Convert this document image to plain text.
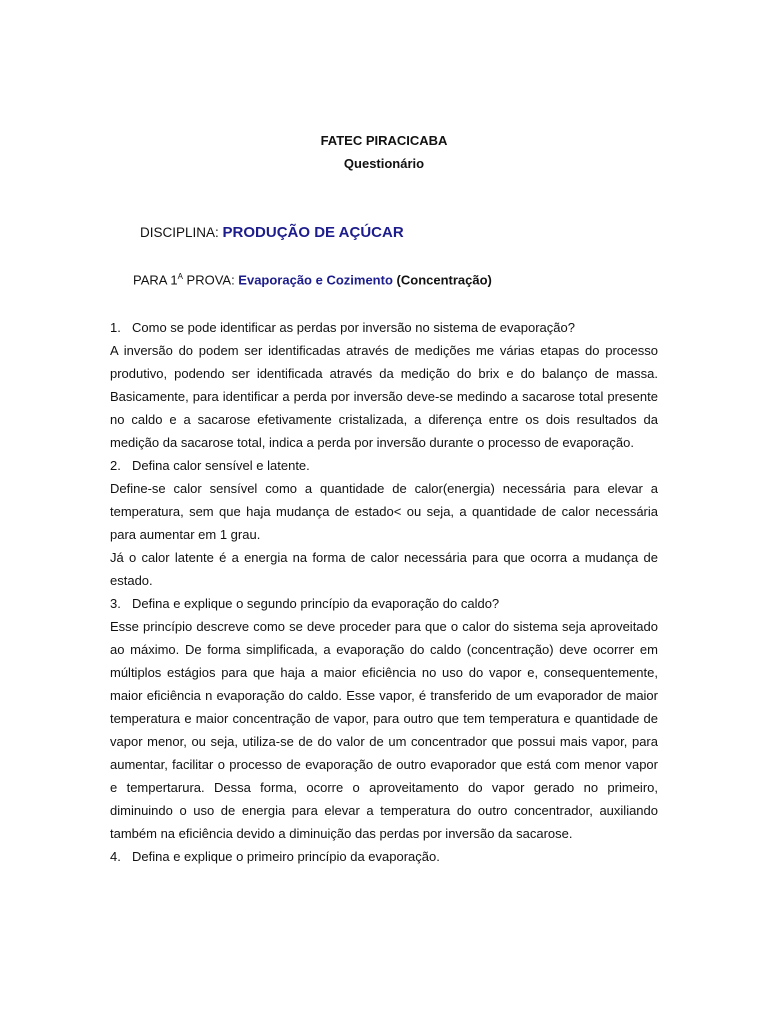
FATEC PIRACICABA
Questionário
DISCIPLINA: PRODUÇÃO DE AÇÚCAR
PARA $1^A$ PROVA: Evaporação e Cozimento (Concentração)

1. Como se pode identificar as perdas por inversão no sistema de evaporação?

A inversão do podem ser identificadas através de medições me várias etapas do processo produtivo, podendo ser identificada através da medição do brix e do balanço de massa. Basicamente, para identificar a perda por inversão deve-se medindo a sacarose total presente no caldo e a sacarose efetivamente cristalizada, a diferença entre os dois resultados da medição da sacarose total, indica a perda por inversão durante o processo de evaporação.

2. Defina calor sensível e latente.

Define-se calor sensível como a quantidade de calor(energia) necessária para elevar a temperatura, sem que haja mudança de estado< ou seja, a quantidade de calor necessária para aumentar em 1 grau.

Já o calor latente é a energia na forma de calor necessária para que ocorra a mudança de estado.

3. Defina e explique o segundo princípio da evaporação do caldo?

Esse princípio descreve como se deve proceder para que o calor do sistema seja aproveitado ao máximo. De forma simplificada, a evaporação do caldo (concentração) deve ocorrer em múltiplos estágios para que haja a maior eficiência no uso do vapor e, consequentemente, maior eficiência n evaporação do caldo. Esse vapor, é transferido de um evaporador de maior temperatura e maior concentração de vapor, para outro que tem temperatura e quantidade de vapor menor, ou seja, utiliza-se de do valor de um concentrador que possui mais vapor, para aumentar, facilitar o processo de evaporação de outro evaporador que está com menor vapor e tempertarura. Dessa forma, ocorre o aproveitamento do vapor gerado no primeiro, diminuindo o uso de energia para elevar a temperatura do outro concentrador, auxiliando também na eficiência devido a diminuição das perdas por inversão da sacarose.

4. Defina e explique o primeiro princípio da evaporação.
